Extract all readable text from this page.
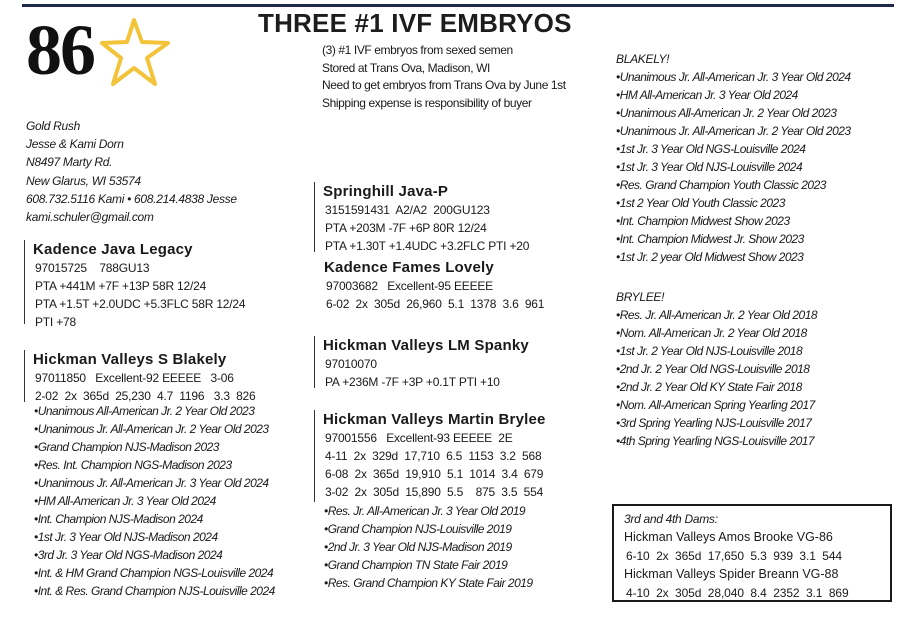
86	THREE #1 IVF EMBRYOS
(3) #1 IVF embryos from sexed semen
Stored at Trans Ova, Madison, WI
Need to get embryos from Trans Ova by June 1st
Shipping expense is responsibility of buyer
Gold Rush
Jesse & Kami Dorn
N8497 Marty Rd.
New Glarus, WI 53574
608.732.5116 Kami • 608.214.4838 Jesse
kami.schuler@gmail.com
Kadence Java Legacy
97015725    788GU13
PTA +441M +7F +13P 58R 12/24
PTA +1.5T +2.0UDC +5.3FLC 58R 12/24
PTI +78
Hickman Valleys S Blakely
97011850   Excellent-92 EEEEE   3-06
2-02  2x  365d  25,230  4.7  1196   3.3  826
•Unanimous All-American Jr. 2 Year Old 2023
•Unanimous Jr. All-American Jr. 2 Year Old 2023
•Grand Champion NJS-Madison 2023
•Res. Int. Champion NGS-Madison 2023
•Unanimous Jr. All-American Jr. 3 Year Old 2024
•HM All-American Jr. 3 Year Old 2024
•Int. Champion NJS-Madison 2024
•1st Jr. 3 Year Old NJS-Madison 2024
•3rd Jr. 3 Year Old NGS-Madison 2024
•Int. & HM Grand Champion NGS-Louisville 2024
•Int. & Res. Grand Champion NJS-Louisville 2024
Springhill Java-P
3151591431  A2/A2  200GU123
PTA +203M -7F +6P 80R 12/24
PTA +1.30T +1.4UDC +3.2FLC PTI +20
Kadence Fames Lovely
97003682   Excellent-95 EEEEE
6-02  2x  305d  26,960  5.1  1378  3.6  961
Hickman Valleys LM Spanky
97010070
PA +236M -7F +3P +0.1T PTI +10
Hickman Valleys Martin Brylee
97001556   Excellent-93 EEEEE  2E
4-11  2x  329d  17,710  6.5  1153  3.2  568
6-08  2x  365d  19,910  5.1  1014  3.4  679
3-02  2x  305d  15,890  5.5    875  3.5  554
•Res. Jr. All-American Jr. 3 Year Old 2019
•Grand Champion NJS-Louisville 2019
•2nd Jr. 3 Year Old NJS-Madison 2019
•Grand Champion TN State Fair 2019
•Res. Grand Champion KY State Fair 2019
BLAKELY!
•Unanimous Jr. All-American Jr. 3 Year Old 2024
•HM All-American Jr. 3 Year Old 2024
•Unanimous All-American Jr. 2 Year Old 2023
•Unanimous Jr. All-American Jr. 2 Year Old 2023
•1st Jr. 3 Year Old NGS-Louisville 2024
•1st Jr. 3 Year Old NJS-Louisville 2024
•Res. Grand Champion Youth Classic 2023
•1st 2 Year Old Youth Classic 2023
•Int. Champion Midwest Show 2023
•Int. Champion Midwest Jr. Show 2023
•1st Jr. 2 year Old Midwest Show 2023
BRYLEE!
•Res. Jr. All-American Jr. 2 Year Old 2018
•Nom. All-American Jr. 2 Year Old 2018
•1st Jr. 2 Year Old NJS-Louisville 2018
•2nd Jr. 2 Year Old NGS-Louisville 2018
•2nd Jr. 2 Year Old KY State Fair 2018
•Nom. All-American Spring Yearling 2017
•3rd Spring Yearling NJS-Louisville 2017
•4th Spring Yearling NGS-Louisville 2017
3rd and 4th Dams:
Hickman Valleys Amos Brooke VG-86
6-10  2x  365d  17,650  5.3  939  3.1  544
Hickman Valleys Spider Breann VG-88
4-10  2x  305d  28,040  8.4  2352  3.1  869
